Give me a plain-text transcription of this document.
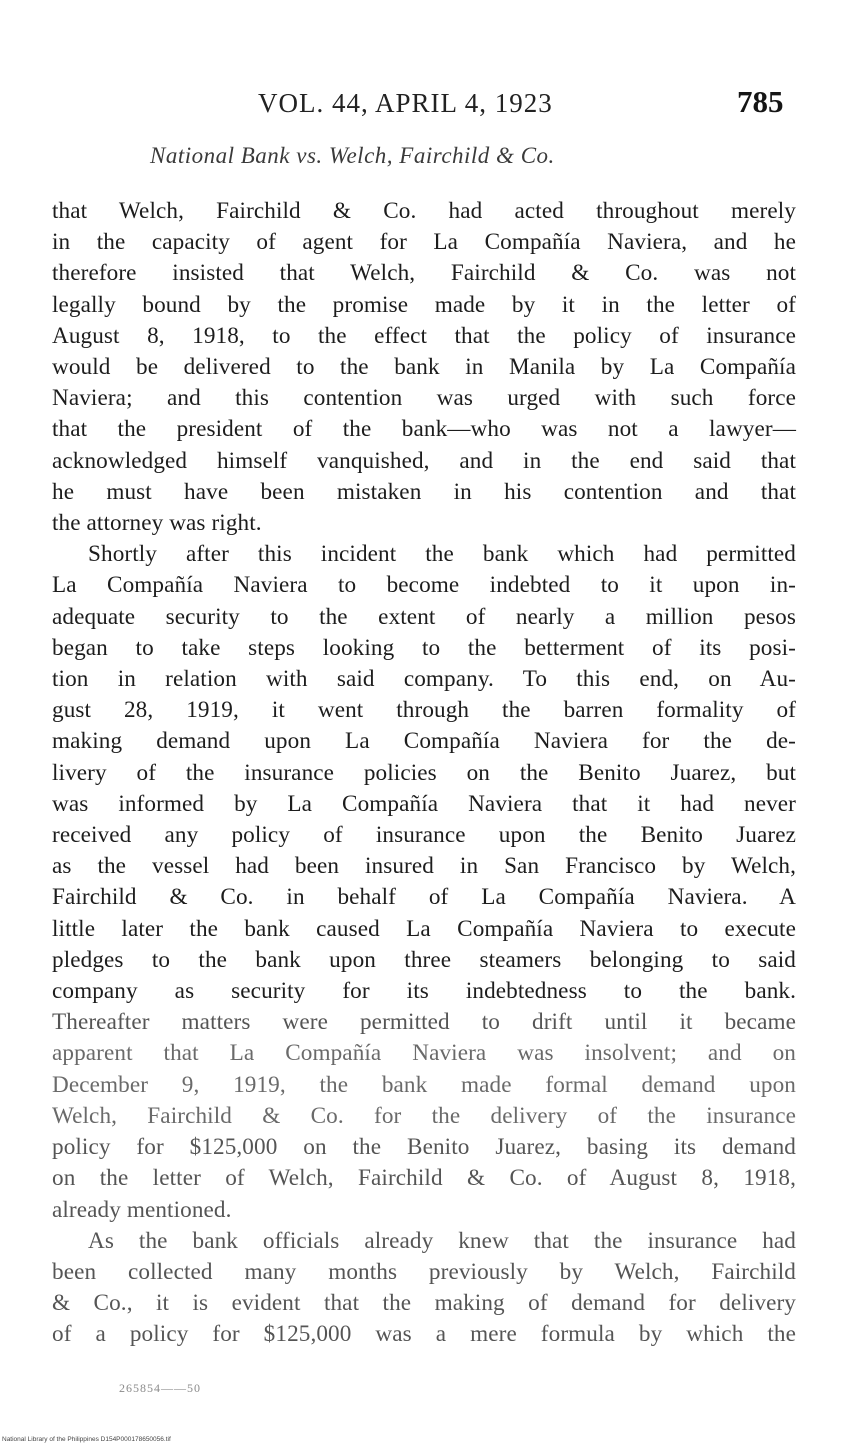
VOL. 44, APRIL 4, 1923	785
National Bank vs. Welch, Fairchild & Co.

that Welch, Fairchild & Co. had acted throughout merely
in the capacity of agent for La Compañía Naviera, and he
therefore insisted that Welch, Fairchild & Co. was not
legally bound by the promise made by it in the letter of
August 8, 1918, to the effect that the policy of insurance
would be delivered to the bank in Manila by La Compañía
Naviera; and this contention was urged with such force
that the president of the bank—who was not a lawyer—
acknowledged himself vanquished, and in the end said that
he must have been mistaken in his contention and that
the attorney was right.

Shortly after this incident the bank which had permitted
La Compañía Naviera to become indebted to it upon in-
adequate security to the extent of nearly a million pesos
began to take steps looking to the betterment of its posi-
tion in relation with said company. To this end, on Au-
gust 28, 1919, it went through the barren formality of
making demand upon La Compañía Naviera for the de-
livery of the insurance policies on the Benito Juarez, but
was informed by La Compañía Naviera that it had never
received any policy of insurance upon the Benito Juarez
as the vessel had been insured in San Francisco by Welch,
Fairchild & Co. in behalf of La Compañía Naviera. A
little later the bank caused La Compañía Naviera to execute
pledges to the bank upon three steamers belonging to said
company as security for its indebtedness to the bank.
Thereafter matters were permitted to drift until it became
apparent that La Compañía Naviera was insolvent; and on
December 9, 1919, the bank made formal demand upon
Welch, Fairchild & Co. for the delivery of the insurance
policy for $125,000 on the Benito Juarez, basing its demand
on the letter of Welch, Fairchild & Co. of August 8, 1918,
already mentioned.

As the bank officials already knew that the insurance had
been collected many months previously by Welch, Fairchild
& Co., it is evident that the making of demand for delivery
of a policy for $125,000 was a mere formula by which the

265854——50
National Library of the Philippines D154P000178650056.tif
